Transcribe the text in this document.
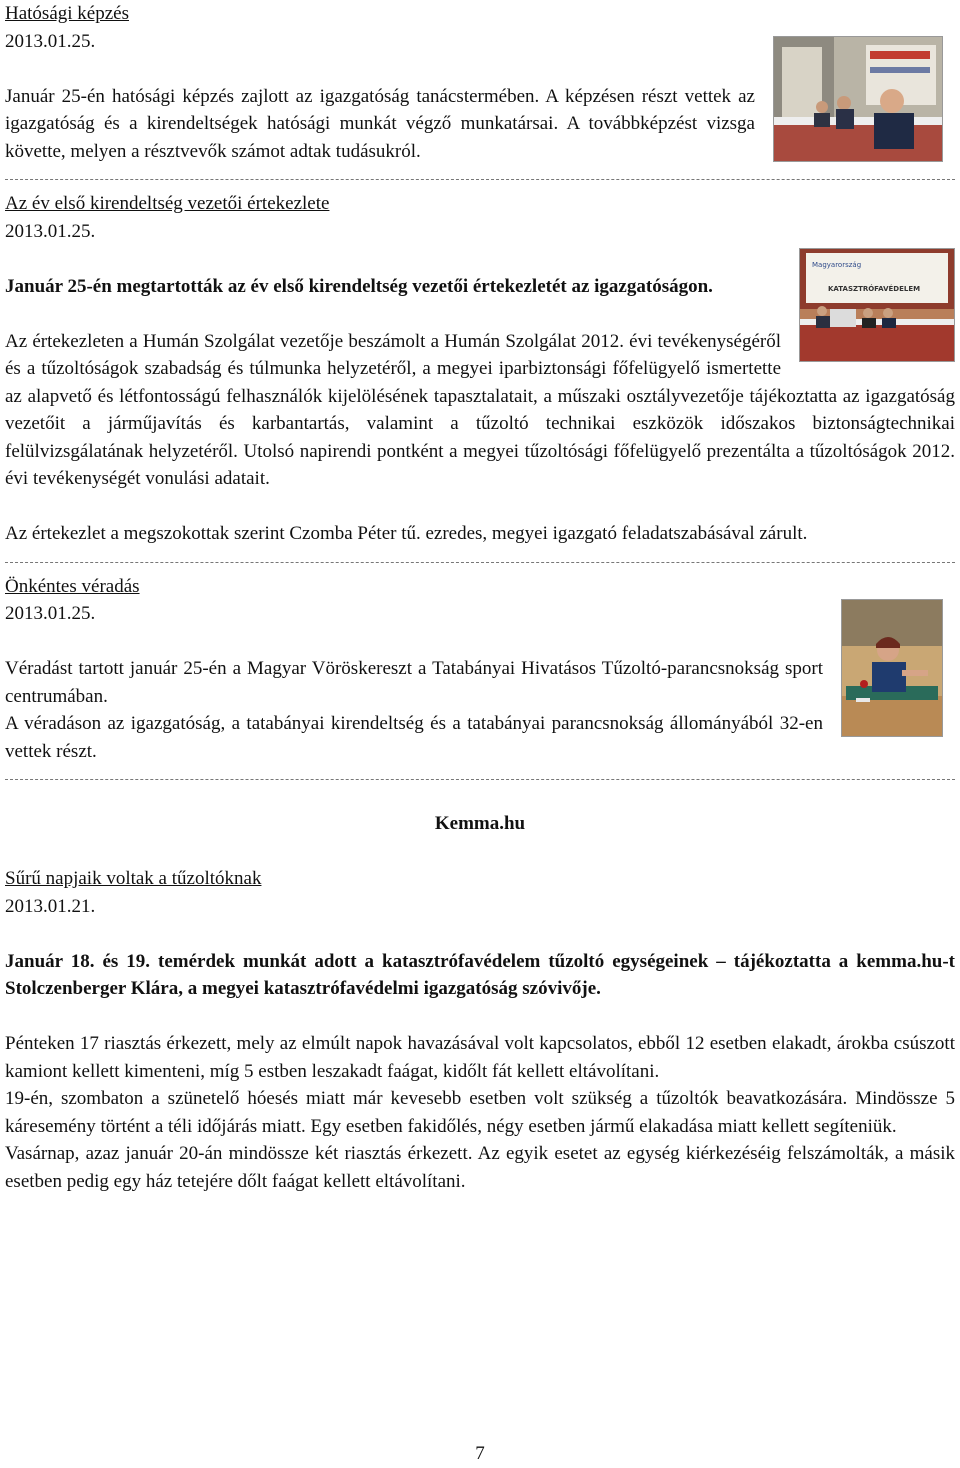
Hatósági képzés

2013.01.25.

Január 25-én hatósági képzés zajlott az igazgatóság tanácstermében. A képzésen részt vettek az igazgatóság és a kirendeltségek hatósági munkát végző munkatársai. A továbbképzést vizsga követte, melyen a résztvevők számot adtak tudásukról.

Magyarország
KATASZTRÓFAVÉDELEM

Az év első kirendeltség vezetői értekezlete

2013.01.25.

Január 25-én megtartották az év első kirendeltség vezetői értekezletét az igazgatóságon.

Az értekezleten a Humán Szolgálat vezetője beszámolt a Humán Szolgálat 2012. évi tevékenységéről és a tűzoltóságok szabadság és túlmunka helyzetéről, a megyei iparbiztonsági főfelügyelő ismertette az alapvető és létfontosságú felhasználók kijelölésének tapasztalatait, a műszaki osztályvezetője tájékoztatta az igazgatóság vezetőit a járműjavítás és karbantartás, valamint a tűzoltó technikai eszközök időszakos biztonságtechnikai felülvizsgálatának helyzetéről. Utolsó napirendi pontként a megyei tűzoltósági főfelügyelő prezentálta a tűzoltóságok 2012. évi tevékenységét vonulási adatait.

Az értekezlet a megszokottak szerint Czomba Péter tű. ezredes, megyei igazgató feladatszabásával zárult.

Önkéntes véradás

2013.01.25.

Véradást tartott január 25-én a Magyar Vöröskereszt a Tatabányai Hivatásos Tűzoltó-parancsnokság sport centrumában.

A véradáson az igazgatóság, a tatabányai kirendeltség és a tatabányai parancsnokság állományából 32-en vettek részt.

Kemma.hu

Sűrű napjaik voltak a tűzoltóknak

2013.01.21.

Január 18. és 19. temérdek munkát adott a katasztrófavédelem tűzoltó egységeinek – tájékoztatta a kemma.hu-t Stolczenberger Klára, a megyei katasztrófavédelmi igazgatóság szóvivője.

Pénteken 17 riasztás érkezett, mely az elmúlt napok havazásával volt kapcsolatos, ebből 12 esetben elakadt, árokba csúszott kamiont kellett kimenteni, míg 5 estben leszakadt faágat, kidőlt fát kellett eltávolítani.

19-én, szombaton a szünetelő hóesés miatt már kevesebb esetben volt szükség a tűzoltók beavatkozására. Mindössze 5 káresemény történt a téli időjárás miatt. Egy esetben fakidőlés, négy esetben jármű elakadása miatt kellett segíteniük.

Vasárnap, azaz január 20-án mindössze két riasztás érkezett. Az egyik esetet az egység kiérkezéséig felszámolták, a másik esetben pedig egy ház tetejére dőlt faágat kellett eltávolítani.

7
